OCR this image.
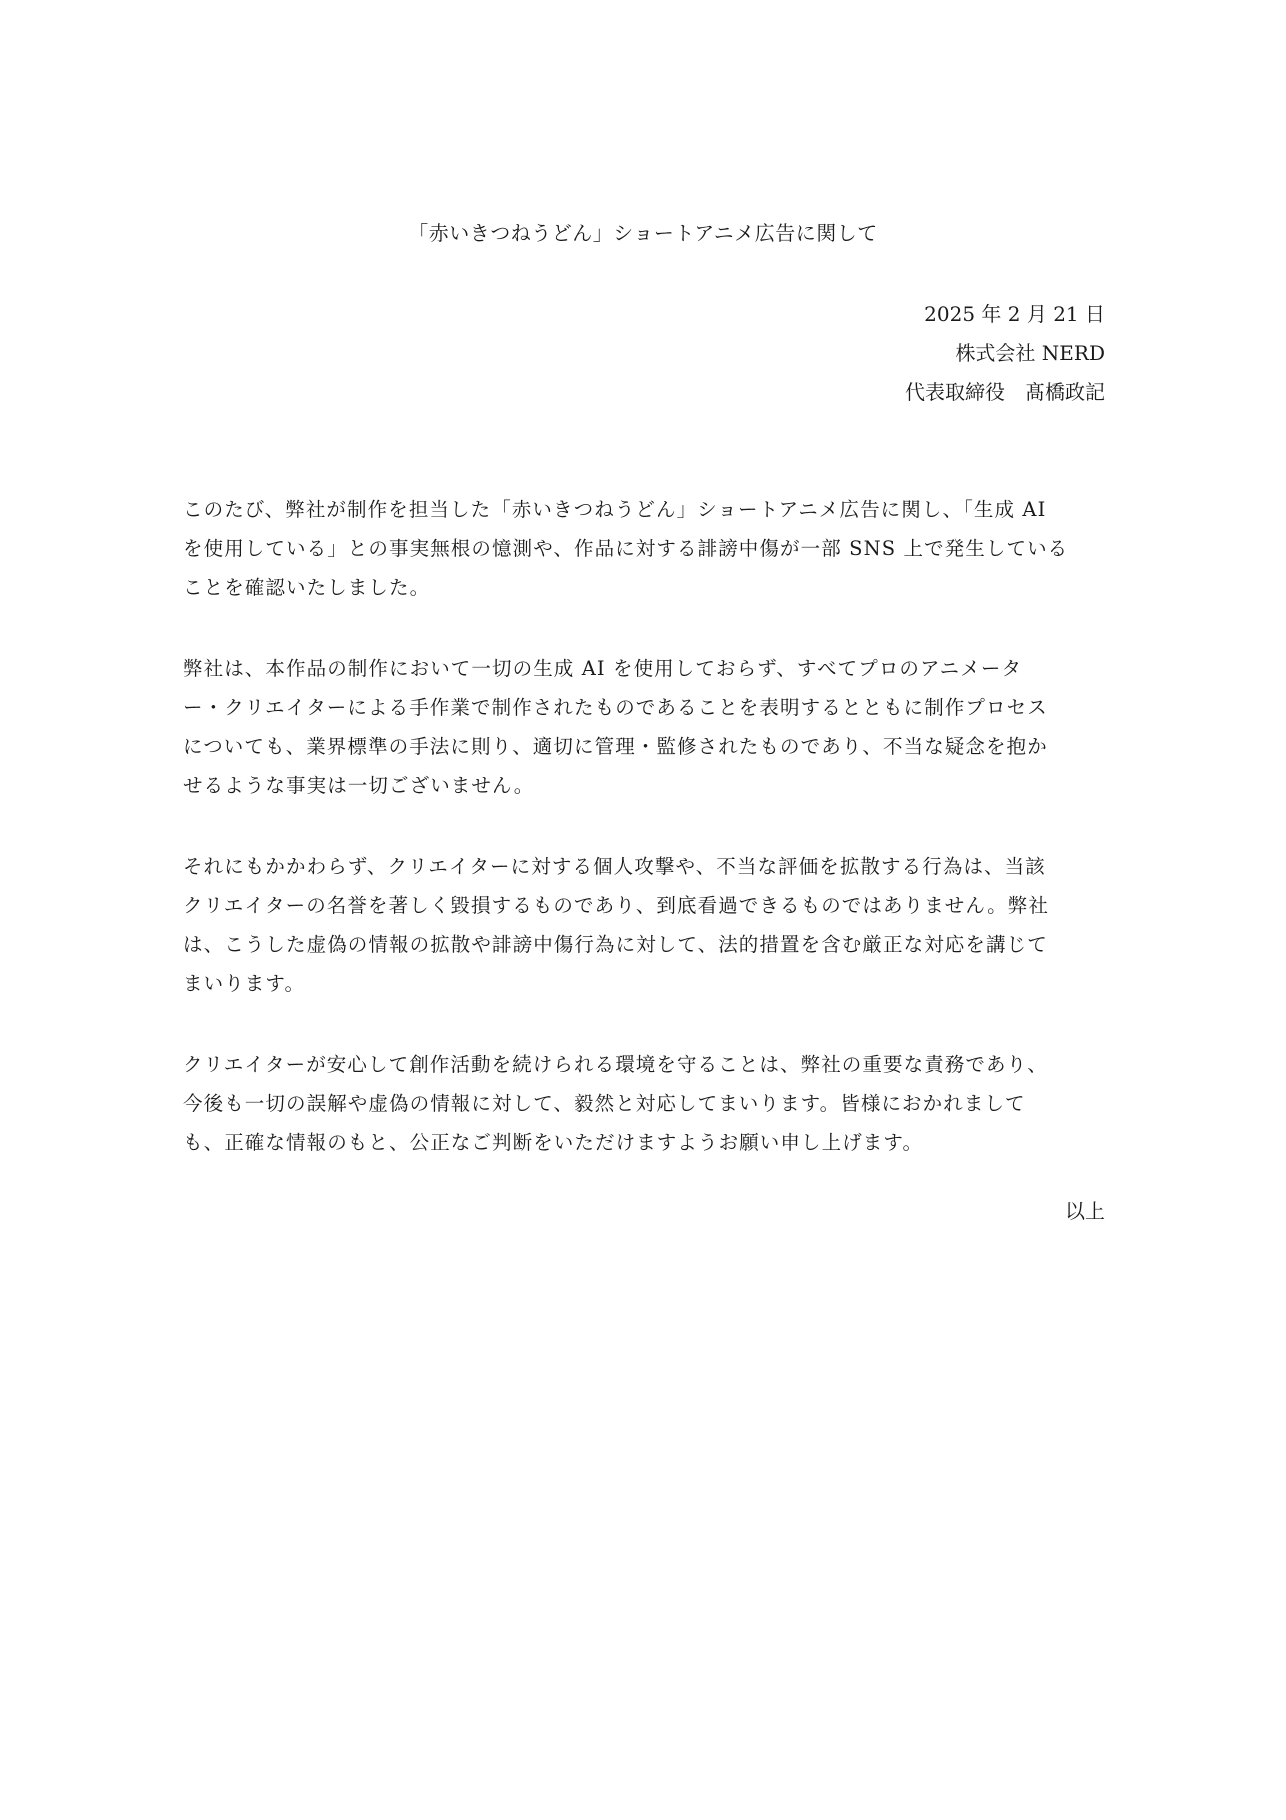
「赤いきつねうどん」ショートアニメ広告に関して
2025 年 2 月 21 日
株式会社 NERD
代表取締役　髙橋政記
このたび、弊社が制作を担当した「赤いきつねうどん」ショートアニメ広告に関し、「生成 AI
を使用している」との事実無根の憶測や、作品に対する誹謗中傷が一部 SNS 上で発生している
ことを確認いたしました。
弊社は、本作品の制作において一切の生成 AI を使用しておらず、すべてプロのアニメータ
ー・クリエイターによる手作業で制作されたものであることを表明するとともに制作プロセス
についても、業界標準の手法に則り、適切に管理・監修されたものであり、不当な疑念を抱か
せるような事実は一切ございません。
それにもかかわらず、クリエイターに対する個人攻撃や、不当な評価を拡散する行為は、当該
クリエイターの名誉を著しく毀損するものであり、到底看過できるものではありません。弊社
は、こうした虚偽の情報の拡散や誹謗中傷行為に対して、法的措置を含む厳正な対応を講じて
まいります。
クリエイターが安心して創作活動を続けられる環境を守ることは、弊社の重要な責務であり、
今後も一切の誤解や虚偽の情報に対して、毅然と対応してまいります。皆様におかれまして
も、正確な情報のもと、公正なご判断をいただけますようお願い申し上げます。
以上
